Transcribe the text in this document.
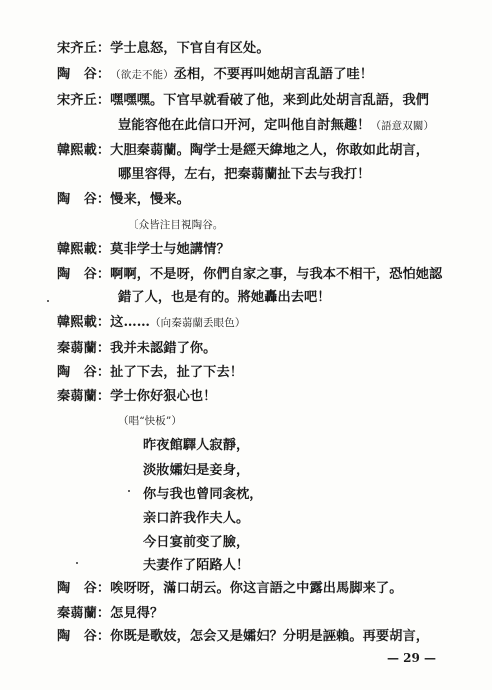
宋齐丘：学士息怒，下官自有区处。
陶　谷：（欲走不能）丞相，不要再叫她胡言乱語了哇！
宋齐丘：嘿嘿嘿。下官早就看破了他，来到此处胡言乱語，我們
豈能容他在此信口开河，定叫他自討無趣！（語意双關）
韓熙載：大胆秦蒻蘭。陶学士是經天緯地之人，你敢如此胡言，
哪里容得，左右，把秦蒻蘭扯下去与我打！
陶　谷：慢来，慢来。
〔众皆注目視陶谷。
韓熙載：莫非学士与她講情？
陶　谷：啊啊，不是呀，你們自家之事，与我本不相干，恐怕她認
錯了人，也是有的。將她轟出去吧！
韓熙載：这……（向秦蒻蘭丢眼色）
秦蒻蘭：我并未認錯了你。
陶　谷：扯了下去，扯了下去！
秦蒻蘭：学士你好狠心也！
（唱“快板”）
昨夜館驛人寂靜，
淡妝孀妇是妾身，
你与我也曾同衾枕，
亲口許我作夫人。
今日宴前变了臉，
夫妻作了陌路人！
陶　谷：唉呀呀，滿口胡云。你这言語之中露出馬脚来了。
秦蒻蘭：怎見得？
陶　谷：你既是歌妓，怎会又是孀妇？分明是誣賴。再要胡言，
— 29 —
